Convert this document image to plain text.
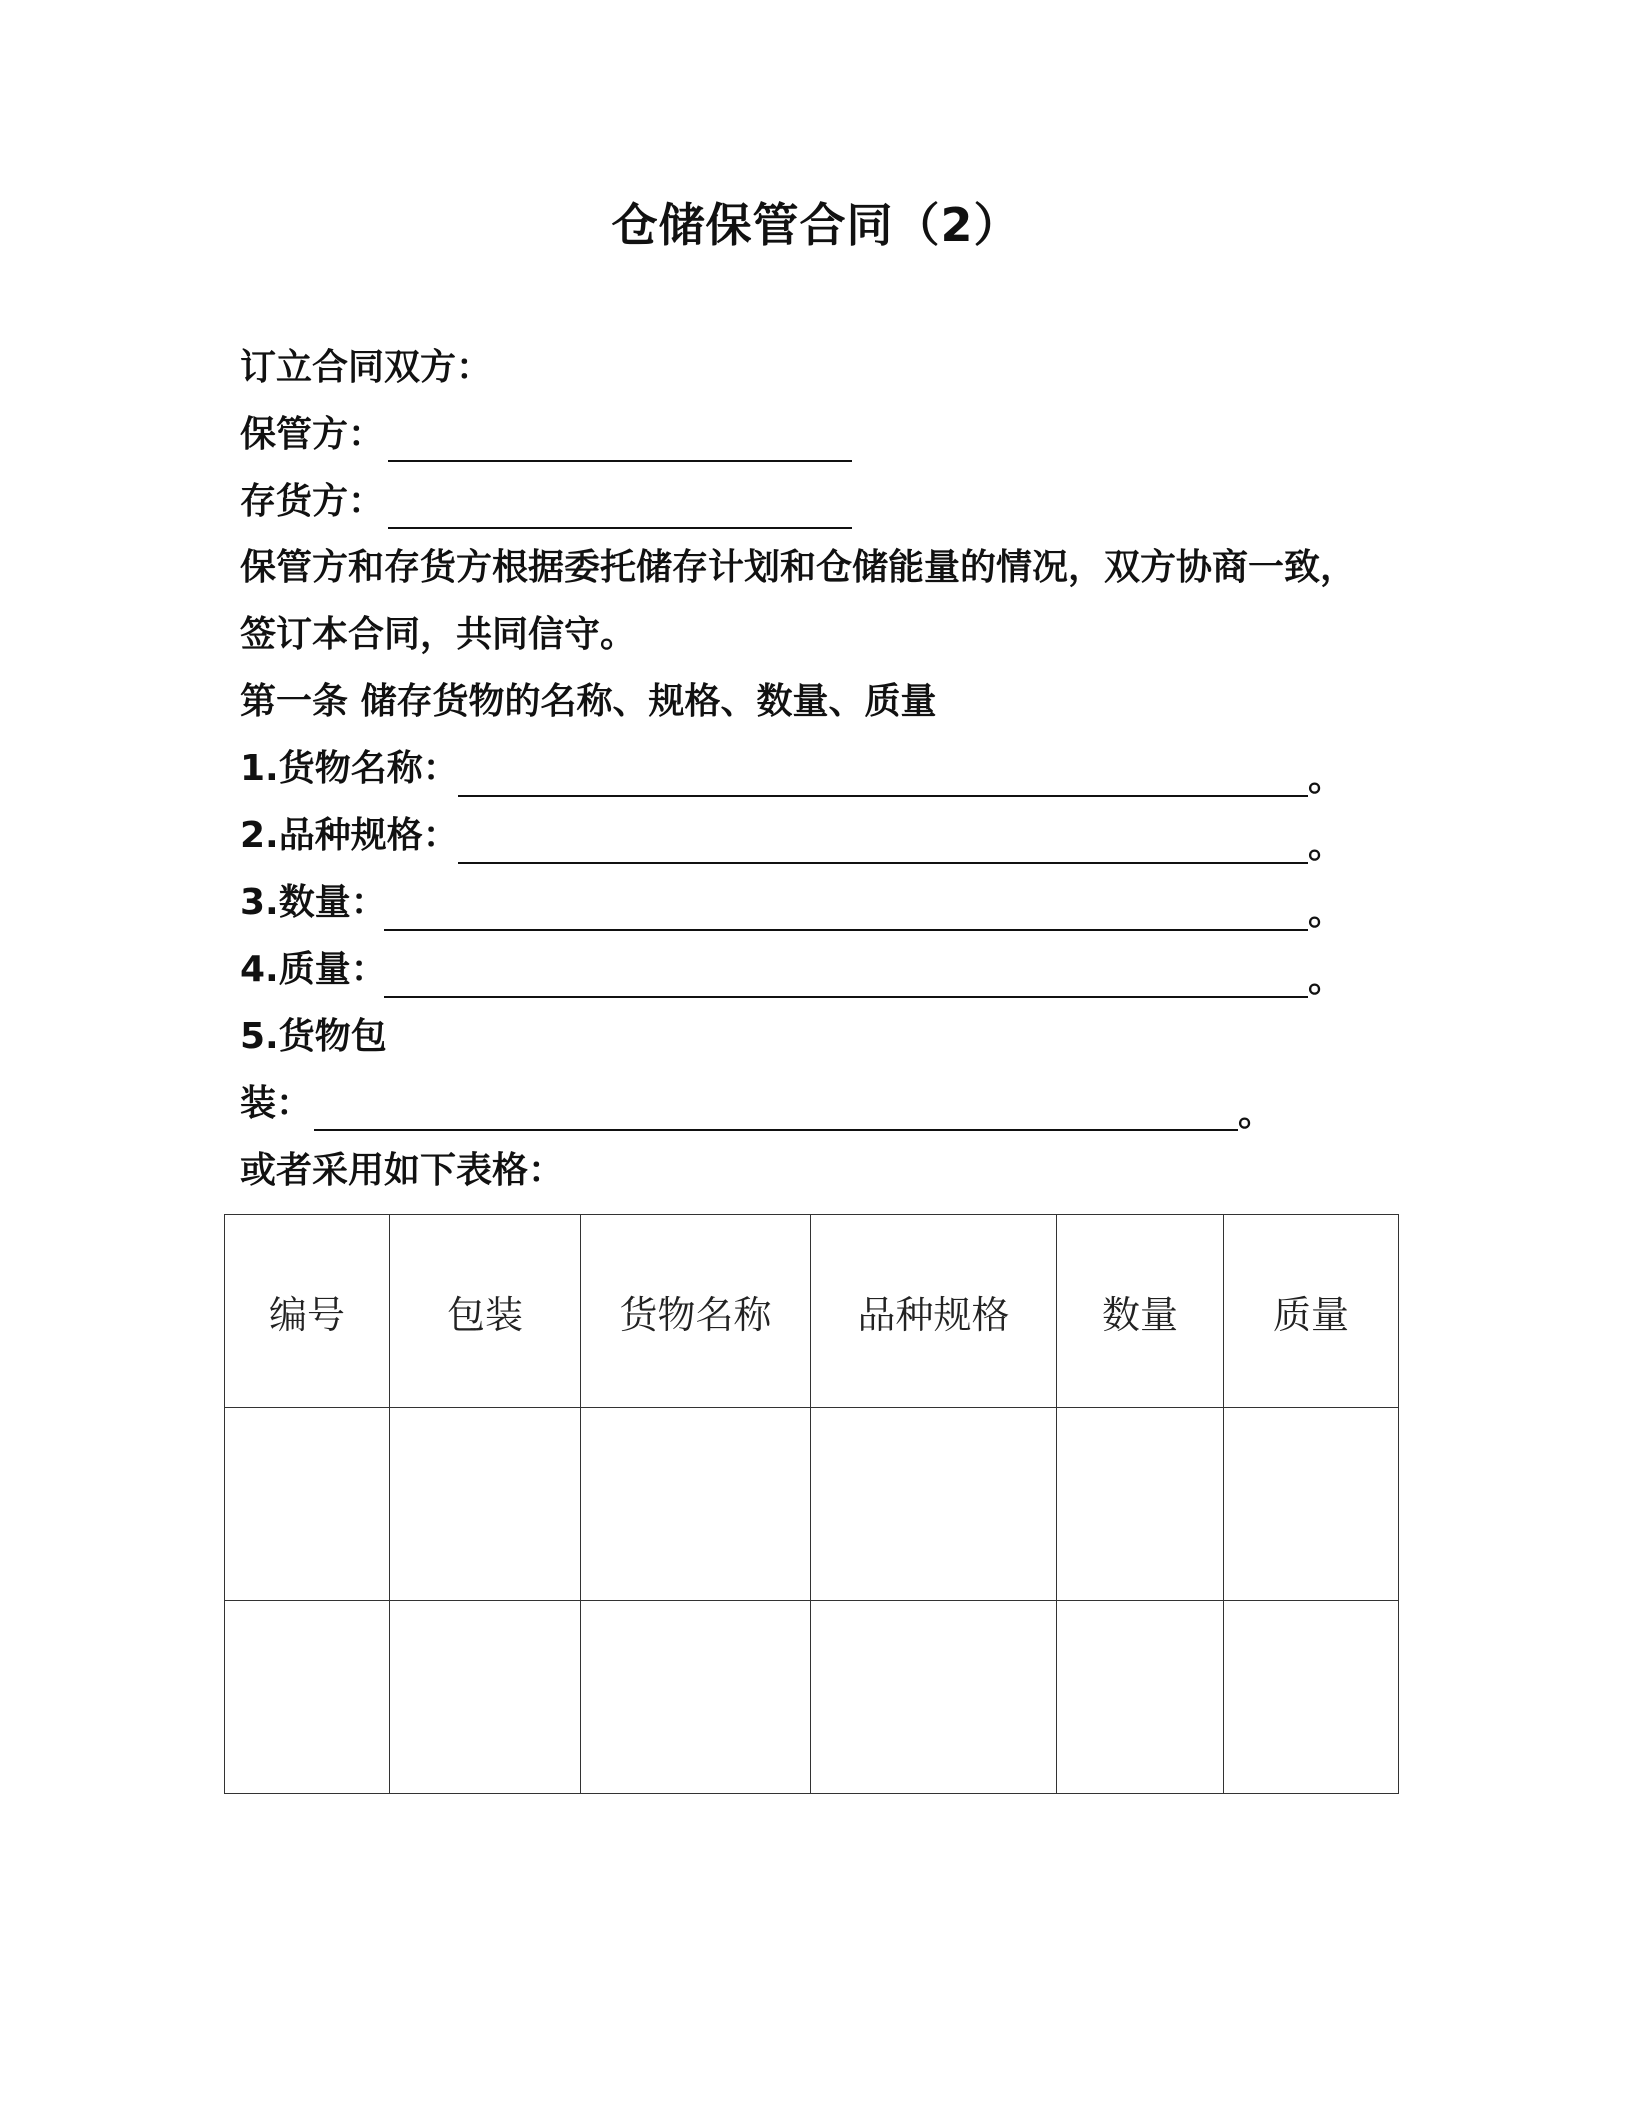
仓储保管合同（2）
订立合同双方：
保管方：
存货方：
保管方和存货方根据委托储存计划和仓储能量的情况，双方协商一致，
签订本合同，共同信守。
第一条 储存货物的名称、规格、数量、质量
1.货物名称：	。
2.品种规格：	。
3.数量：	。
4.质量：	。
5.货物包
装：	。
或者采用如下表格：
编号	包装	货物名称	品种规格	数量	质量
